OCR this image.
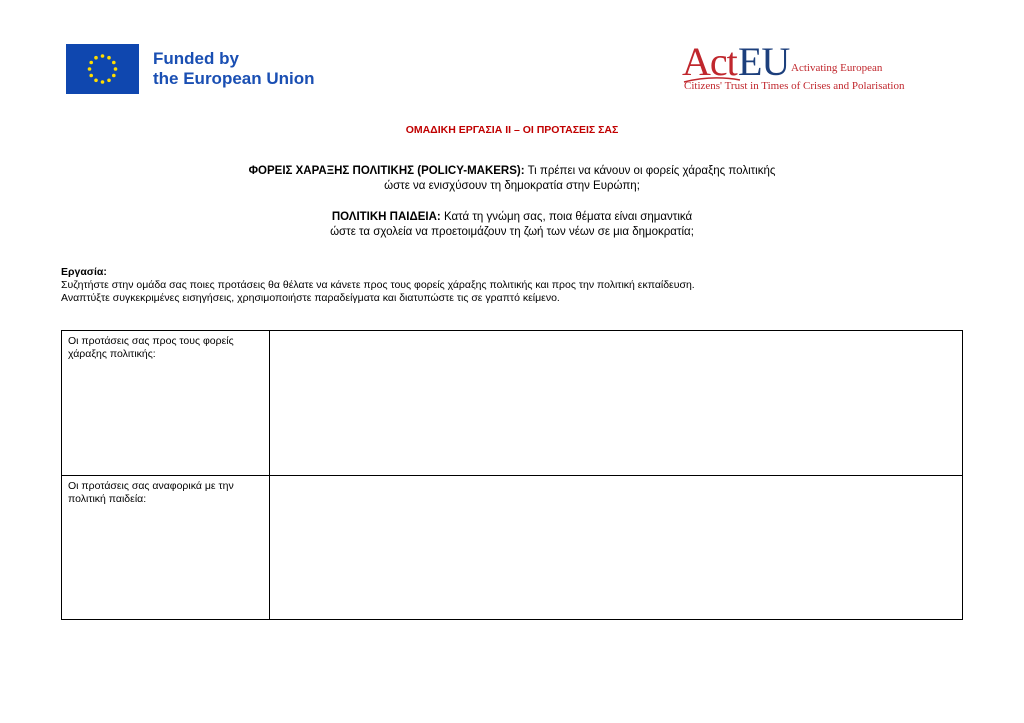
Funded by
the European Union	Act EU Activating European
Citizens' Trust in Times of Crises and Polarisation
ΟΜΑΔΙΚΗ ΕΡΓΑΣΙΑ ΙΙ – ΟΙ ΠΡΟΤΑΣΕΙΣ ΣΑΣ
ΦΟΡΕΙΣ ΧΑΡΑΞΗΣ ΠΟΛΙΤΙΚΗΣ (POLICY-MAKERS): Τι πρέπει να κάνουν οι φορείς χάραξης πολιτικής
ώστε να ενισχύσουν τη δημοκρατία στην Ευρώπη;
ΠΟΛΙΤΙΚΗ ΠΑΙΔΕΙΑ: Κατά τη γνώμη σας, ποια θέματα είναι σημαντικά
ώστε τα σχολεία να προετοιμάζουν τη ζωή των νέων σε μια δημοκρατία;
Εργασία:
Συζητήστε στην ομάδα σας ποιες προτάσεις θα θέλατε να κάνετε προς τους φορείς χάραξης πολιτικής και προς την πολιτική εκπαίδευση.
Αναπτύξτε συγκεκριμένες εισηγήσεις, χρησιμοποιήστε παραδείγματα και διατυπώστε τις σε γραπτό κείμενο.
Οι προτάσεις σας προς τους φορείς χάραξης πολιτικής:	
Οι προτάσεις σας αναφορικά με την πολιτική παιδεία:	
